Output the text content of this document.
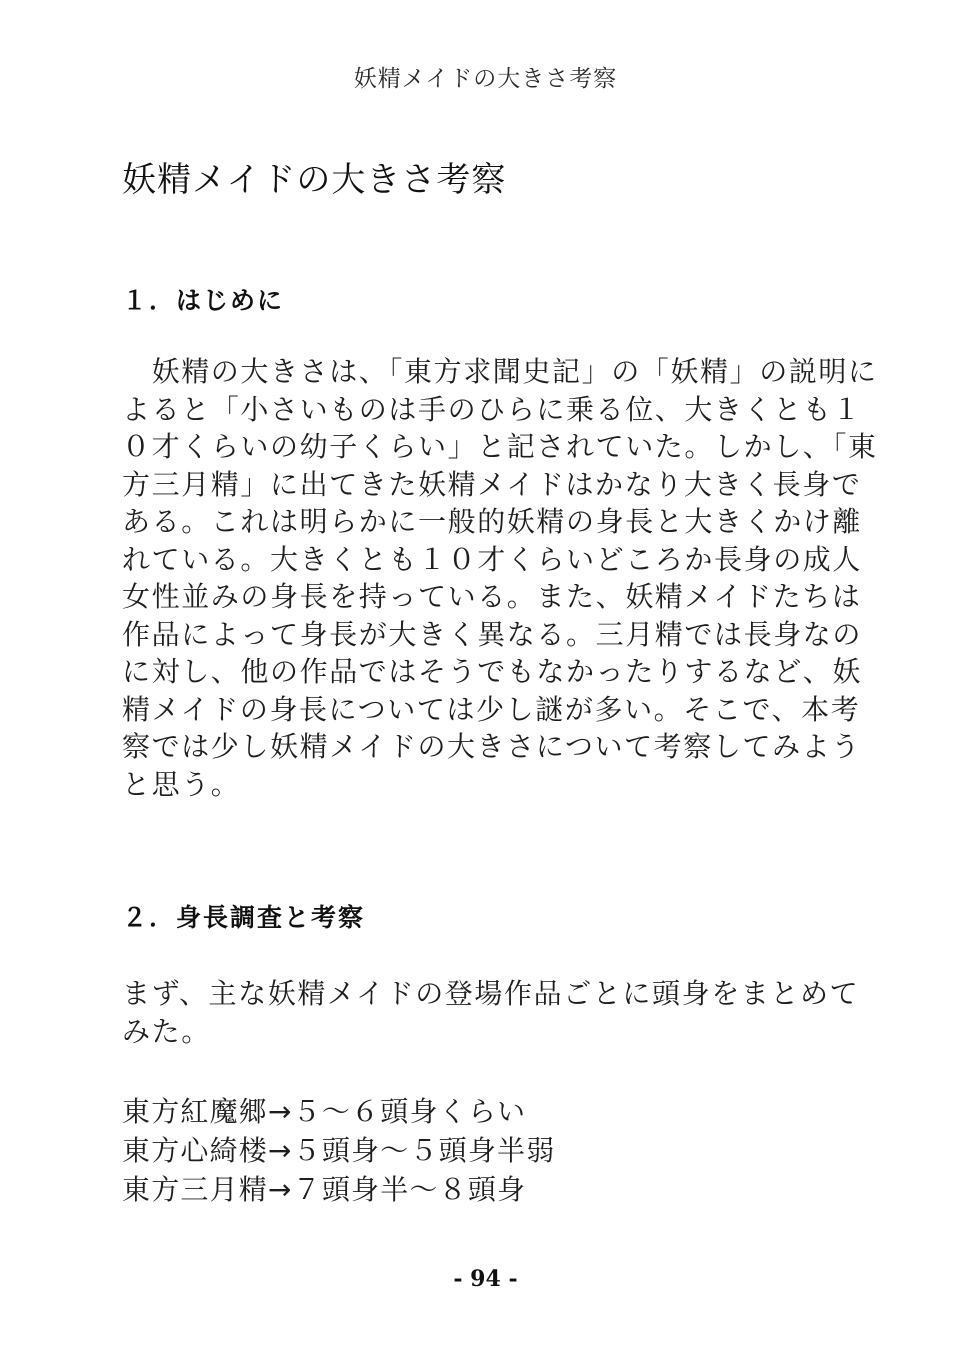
妖精メイドの大きさ考察
妖精メイドの大きさ考察
１．はじめに
　妖精の大きさは、「東方求聞史記」の「妖精」の説明に
よると「小さいものは手のひらに乗る位、大きくとも１
０才くらいの幼子くらい」と記されていた。しかし、「東
方三月精」に出てきた妖精メイドはかなり大きく長身で
ある。これは明らかに一般的妖精の身長と大きくかけ離
れている。大きくとも１０才くらいどころか長身の成人
女性並みの身長を持っている。また、妖精メイドたちは
作品によって身長が大きく異なる。三月精では長身なの
に対し、他の作品ではそうでもなかったりするなど、妖
精メイドの身長については少し謎が多い。そこで、本考
察では少し妖精メイドの大きさについて考察してみよう
と思う。
２．身長調査と考察
まず、主な妖精メイドの登場作品ごとに頭身をまとめて
みた。
東方紅魔郷→５～６頭身くらい
東方心綺楼→５頭身～５頭身半弱
東方三月精→７頭身半～８頭身
- 94 -
